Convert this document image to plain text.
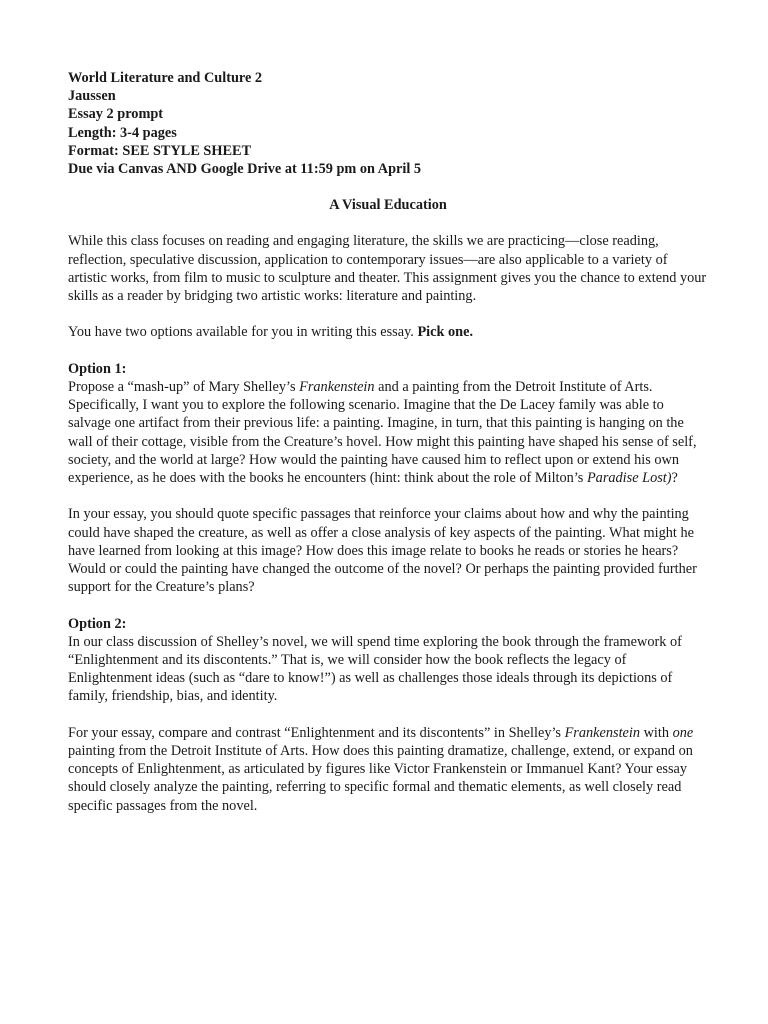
World Literature and Culture 2
Jaussen
Essay 2 prompt
Length: 3-4 pages
Format: SEE STYLE SHEET
Due via Canvas AND Google Drive at 11:59 pm on April 5
A Visual Education

While this class focuses on reading and engaging literature, the skills we are practicing—close reading, reflection, speculative discussion, application to contemporary issues—are also applicable to a variety of artistic works, from film to music to sculpture and theater. This assignment gives you the chance to extend your skills as a reader by bridging two artistic works: literature and painting.

You have two options available for you in writing this essay. Pick one.

Option 1:

Propose a “mash-up” of Mary Shelley’s Frankenstein and a painting from the Detroit Institute of Arts. Specifically, I want you to explore the following scenario. Imagine that the De Lacey family was able to salvage one artifact from their previous life: a painting. Imagine, in turn, that this painting is hanging on the wall of their cottage, visible from the Creature’s hovel. How might this painting have shaped his sense of self, society, and the world at large? How would the painting have caused him to reflect upon or extend his own experience, as he does with the books he encounters (hint: think about the role of Milton’s Paradise Lost)?

In your essay, you should quote specific passages that reinforce your claims about how and why the painting could have shaped the creature, as well as offer a close analysis of key aspects of the painting. What might he have learned from looking at this image? How does this image relate to books he reads or stories he hears? Would or could the painting have changed the outcome of the novel? Or perhaps the painting provided further support for the Creature’s plans?

Option 2:

In our class discussion of Shelley’s novel, we will spend time exploring the book through the framework of “Enlightenment and its discontents.” That is, we will consider how the book reflects the legacy of Enlightenment ideas (such as “dare to know!”) as well as challenges those ideals through its depictions of family, friendship, bias, and identity.

For your essay, compare and contrast “Enlightenment and its discontents” in Shelley’s Frankenstein with one painting from the Detroit Institute of Arts. How does this painting dramatize, challenge, extend, or expand on concepts of Enlightenment, as articulated by figures like Victor Frankenstein or Immanuel Kant? Your essay should closely analyze the painting, referring to specific formal and thematic elements, as well closely read specific passages from the novel.
